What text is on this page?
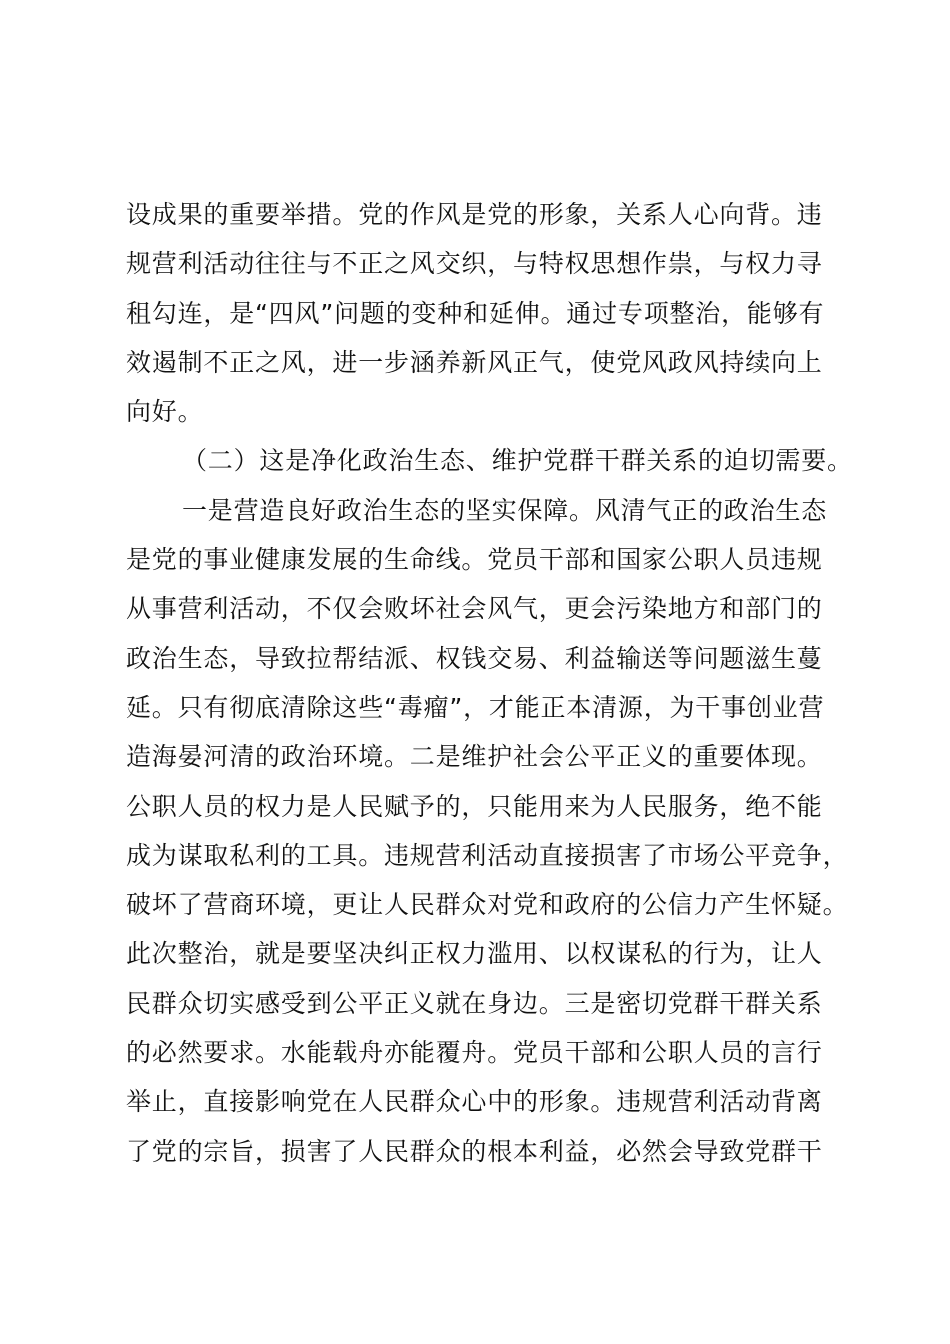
设成果的重要举措。党的作风是党的形象，关系人心向背。违
规营利活动往往与不正之风交织，与特权思想作祟，与权力寻
租勾连，是“四风”问题的变种和延伸。通过专项整治，能够有
效遏制不正之风，进一步涵养新风正气，使党风政风持续向上
向好。
（二）这是净化政治生态、维护党群干群关系的迫切需要。
一是营造良好政治生态的坚实保障。风清气正的政治生态
是党的事业健康发展的生命线。党员干部和国家公职人员违规
从事营利活动，不仅会败坏社会风气，更会污染地方和部门的
政治生态，导致拉帮结派、权钱交易、利益输送等问题滋生蔓
延。只有彻底清除这些“毒瘤”，才能正本清源，为干事创业营
造海晏河清的政治环境。二是维护社会公平正义的重要体现。
公职人员的权力是人民赋予的，只能用来为人民服务，绝不能
成为谋取私利的工具。违规营利活动直接损害了市场公平竞争，
破坏了营商环境，更让人民群众对党和政府的公信力产生怀疑。
此次整治，就是要坚决纠正权力滥用、以权谋私的行为，让人
民群众切实感受到公平正义就在身边。三是密切党群干群关系
的必然要求。水能载舟亦能覆舟。党员干部和公职人员的言行
举止，直接影响党在人民群众心中的形象。违规营利活动背离
了党的宗旨，损害了人民群众的根本利益，必然会导致党群干
